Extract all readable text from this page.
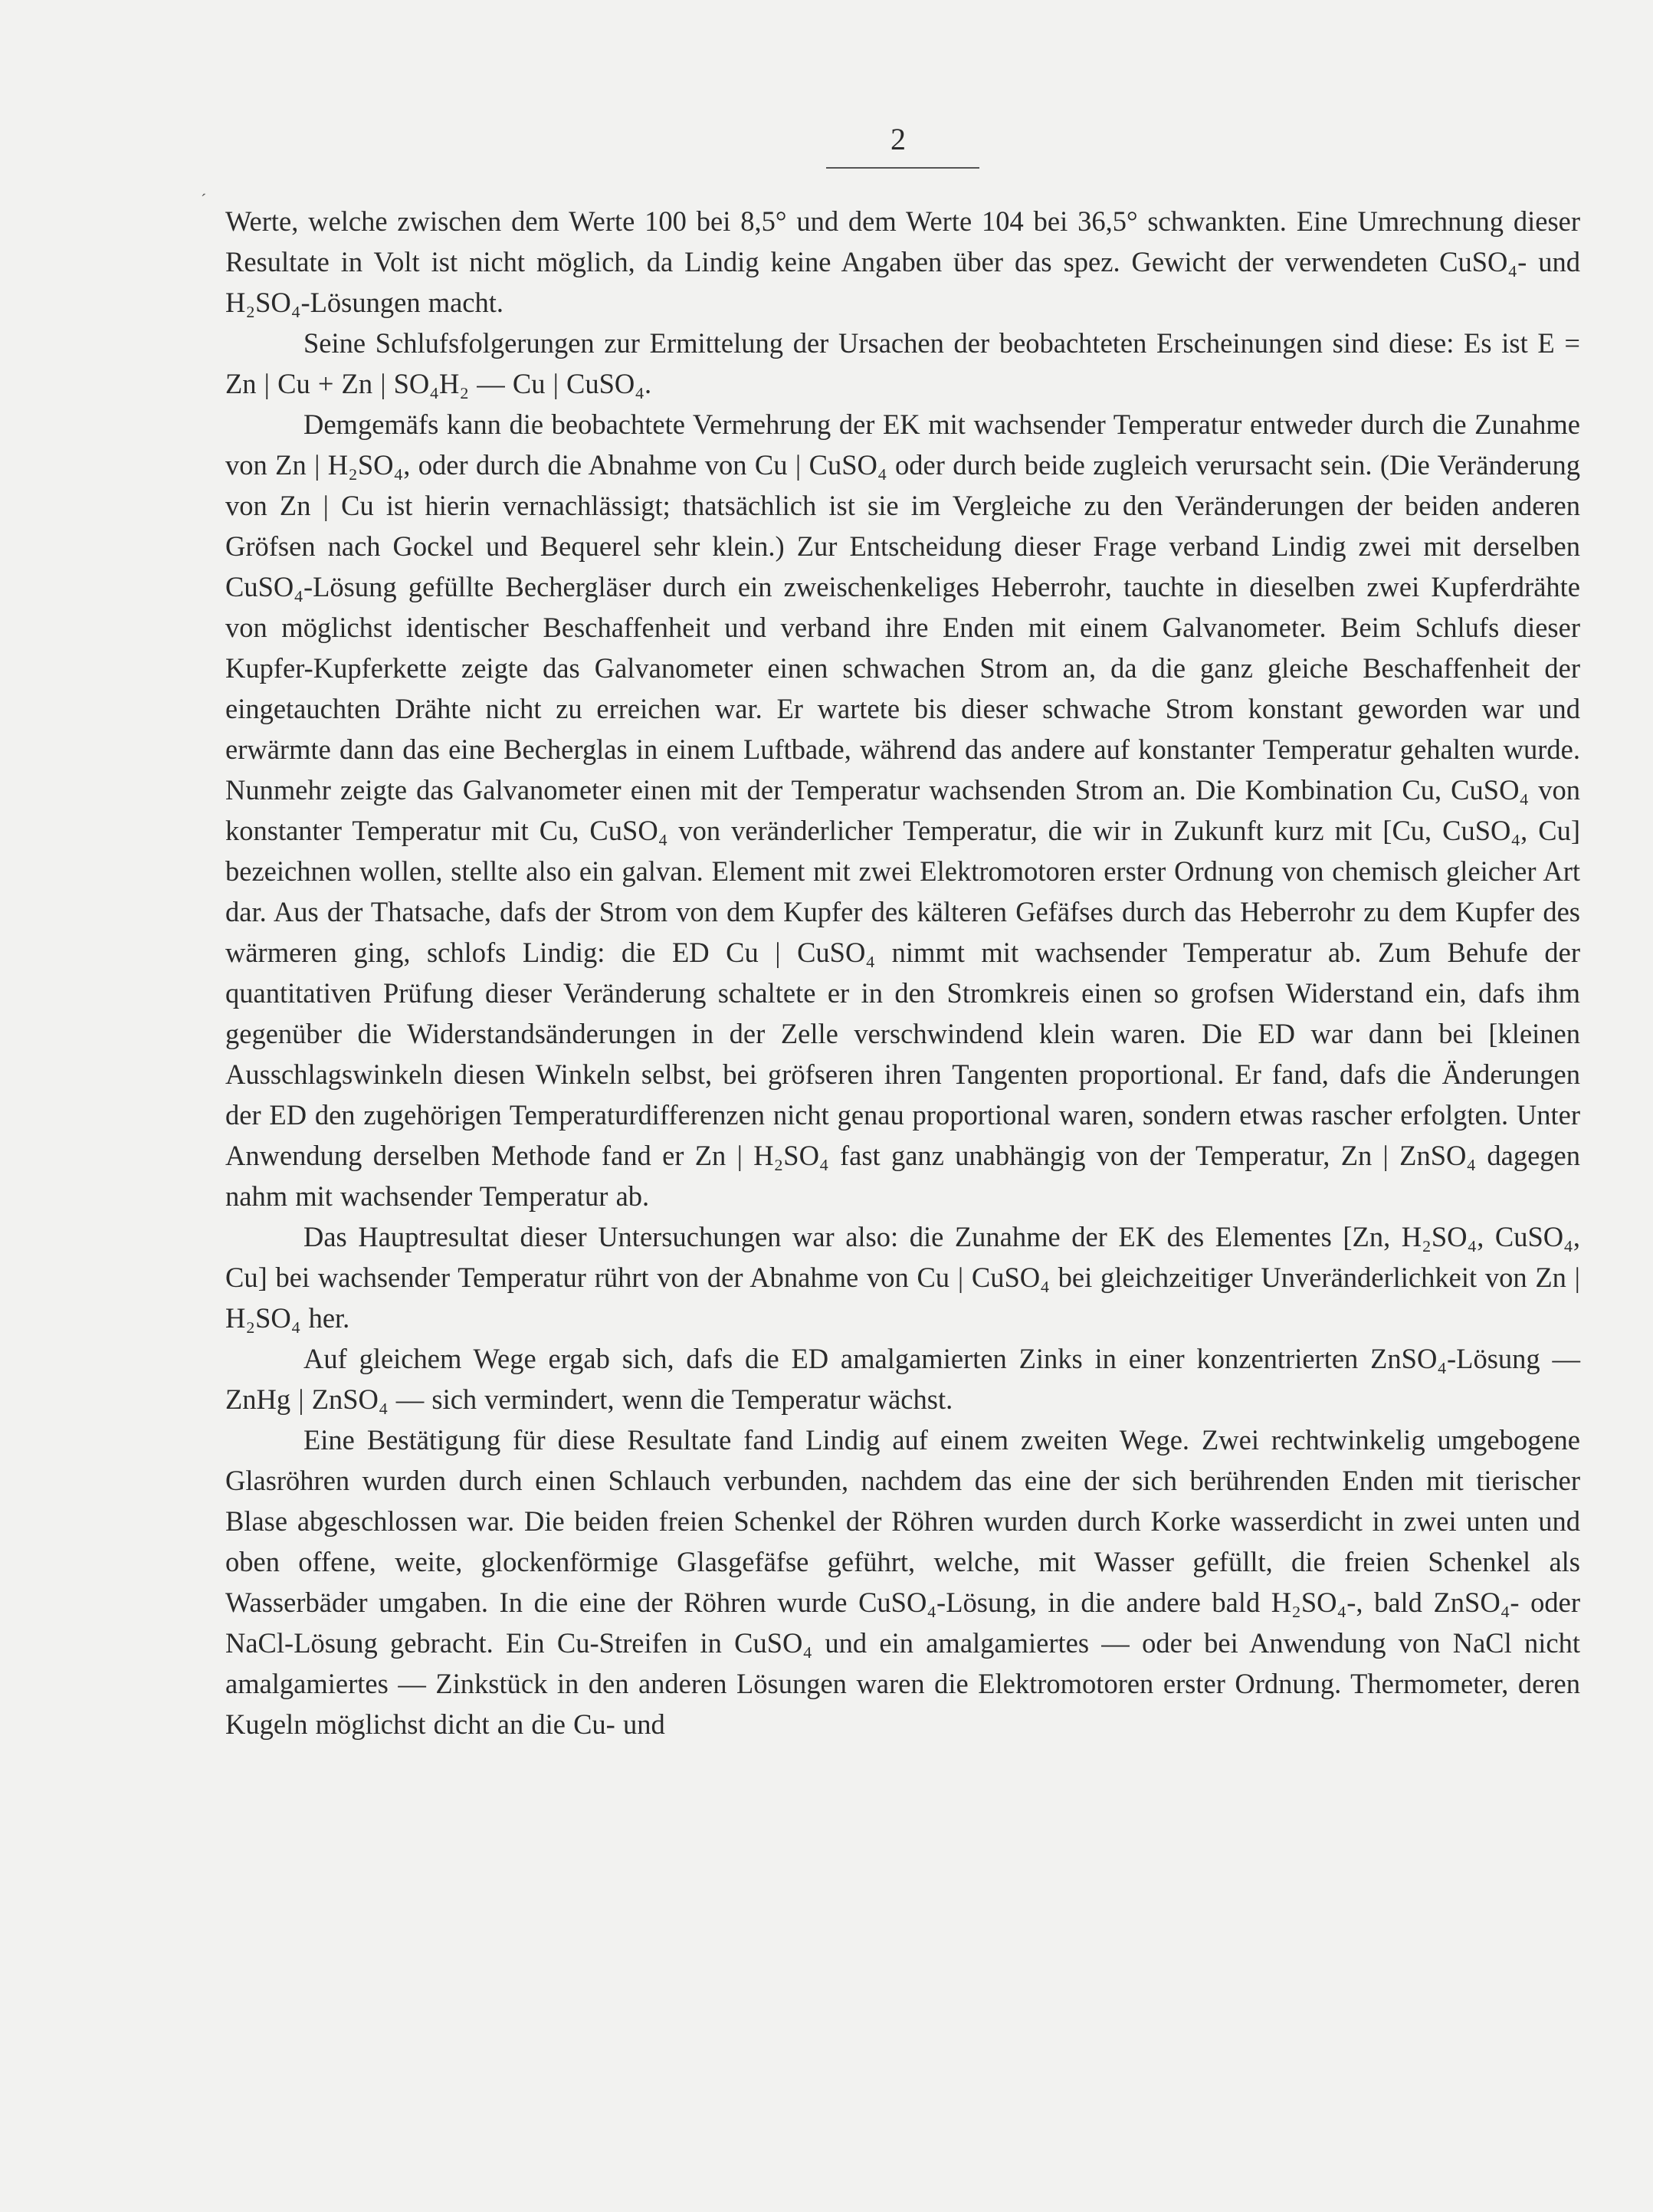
2
´

Werte, welche zwischen dem Werte 100 bei 8,5° und dem Werte 104 bei 36,5° schwankten. Eine Umrechnung dieser Resultate in Volt ist nicht möglich, da Lindig keine Angaben über das spez. Gewicht der verwendeten CuSO₄- und H₂SO₄-Lösungen macht.

Seine Schlufsfolgerungen zur Ermittelung der Ursachen der beobachteten Erscheinungen sind diese: Es ist E = Zn | Cu + Zn | SO₄H₂ — Cu | CuSO₄.

Demgemäfs kann die beobachtete Vermehrung der EK mit wachsender Temperatur entweder durch die Zunahme von Zn | H₂SO₄, oder durch die Abnahme von Cu | CuSO₄ oder durch beide zugleich verursacht sein. (Die Veränderung von Zn | Cu ist hierin vernachlässigt; thatsächlich ist sie im Vergleiche zu den Veränderungen der beiden anderen Gröfsen nach Gockel und Bequerel sehr klein.) Zur Entscheidung dieser Frage verband Lindig zwei mit derselben CuSO₄-Lösung gefüllte Bechergläser durch ein zweischenkeliges Heberrohr, tauchte in dieselben zwei Kupferdrähte von möglichst identischer Beschaffenheit und verband ihre Enden mit einem Galvanometer. Beim Schlufs dieser Kupfer-Kupferkette zeigte das Galvanometer einen schwachen Strom an, da die ganz gleiche Beschaffenheit der eingetauchten Drähte nicht zu erreichen war. Er wartete bis dieser schwache Strom konstant geworden war und erwärmte dann das eine Becherglas in einem Luftbade, während das andere auf konstanter Temperatur gehalten wurde. Nunmehr zeigte das Galvanometer einen mit der Temperatur wachsenden Strom an. Die Kombination Cu, CuSO₄ von konstanter Temperatur mit Cu, CuSO₄ von veränderlicher Temperatur, die wir in Zukunft kurz mit [Cu, CuSO₄, Cu] bezeichnen wollen, stellte also ein galvan. Element mit zwei Elektromotoren erster Ordnung von chemisch gleicher Art dar. Aus der Thatsache, dafs der Strom von dem Kupfer des kälteren Gefäfses durch das Heberrohr zu dem Kupfer des wärmeren ging, schlofs Lindig: die ED Cu | CuSO₄ nimmt mit wachsender Temperatur ab. Zum Behufe der quantitativen Prüfung dieser Veränderung schaltete er in den Stromkreis einen so grofsen Widerstand ein, dafs ihm gegenüber die Widerstandsänderungen in der Zelle verschwindend klein waren. Die ED war dann bei [kleinen Ausschlagswinkeln diesen Winkeln selbst, bei gröfseren ihren Tangenten proportional. Er fand, dafs die Änderungen der ED den zugehörigen Temperaturdifferenzen nicht genau proportional waren, sondern etwas rascher erfolgten. Unter Anwendung derselben Methode fand er Zn | H₂SO₄ fast ganz unabhängig von der Temperatur, Zn | ZnSO₄ dagegen nahm mit wachsender Temperatur ab.

Das Hauptresultat dieser Untersuchungen war also: die Zunahme der EK des Elementes [Zn, H₂SO₄, CuSO₄, Cu] bei wachsender Temperatur rührt von der Abnahme von Cu | CuSO₄ bei gleichzeitiger Unveränderlichkeit von Zn | H₂SO₄ her.

Auf gleichem Wege ergab sich, dafs die ED amalgamierten Zinks in einer konzentrierten ZnSO₄-Lösung — ZnHg | ZnSO₄ — sich vermindert, wenn die Temperatur wächst.

Eine Bestätigung für diese Resultate fand Lindig auf einem zweiten Wege. Zwei rechtwinkelig umgebogene Glasröhren wurden durch einen Schlauch verbunden, nachdem das eine der sich berührenden Enden mit tierischer Blase abgeschlossen war. Die beiden freien Schenkel der Röhren wurden durch Korke wasserdicht in zwei unten und oben offene, weite, glockenförmige Glasgefäfse geführt, welche, mit Wasser gefüllt, die freien Schenkel als Wasserbäder umgaben. In die eine der Röhren wurde CuSO₄-Lösung, in die andere bald H₂SO₄-, bald ZnSO₄- oder NaCl-Lösung gebracht. Ein Cu-Streifen in CuSO₄ und ein amalgamiertes — oder bei Anwendung von NaCl nicht amalgamiertes — Zinkstück in den anderen Lösungen waren die Elektromotoren erster Ordnung. Thermometer, deren Kugeln möglichst dicht an die Cu- und
